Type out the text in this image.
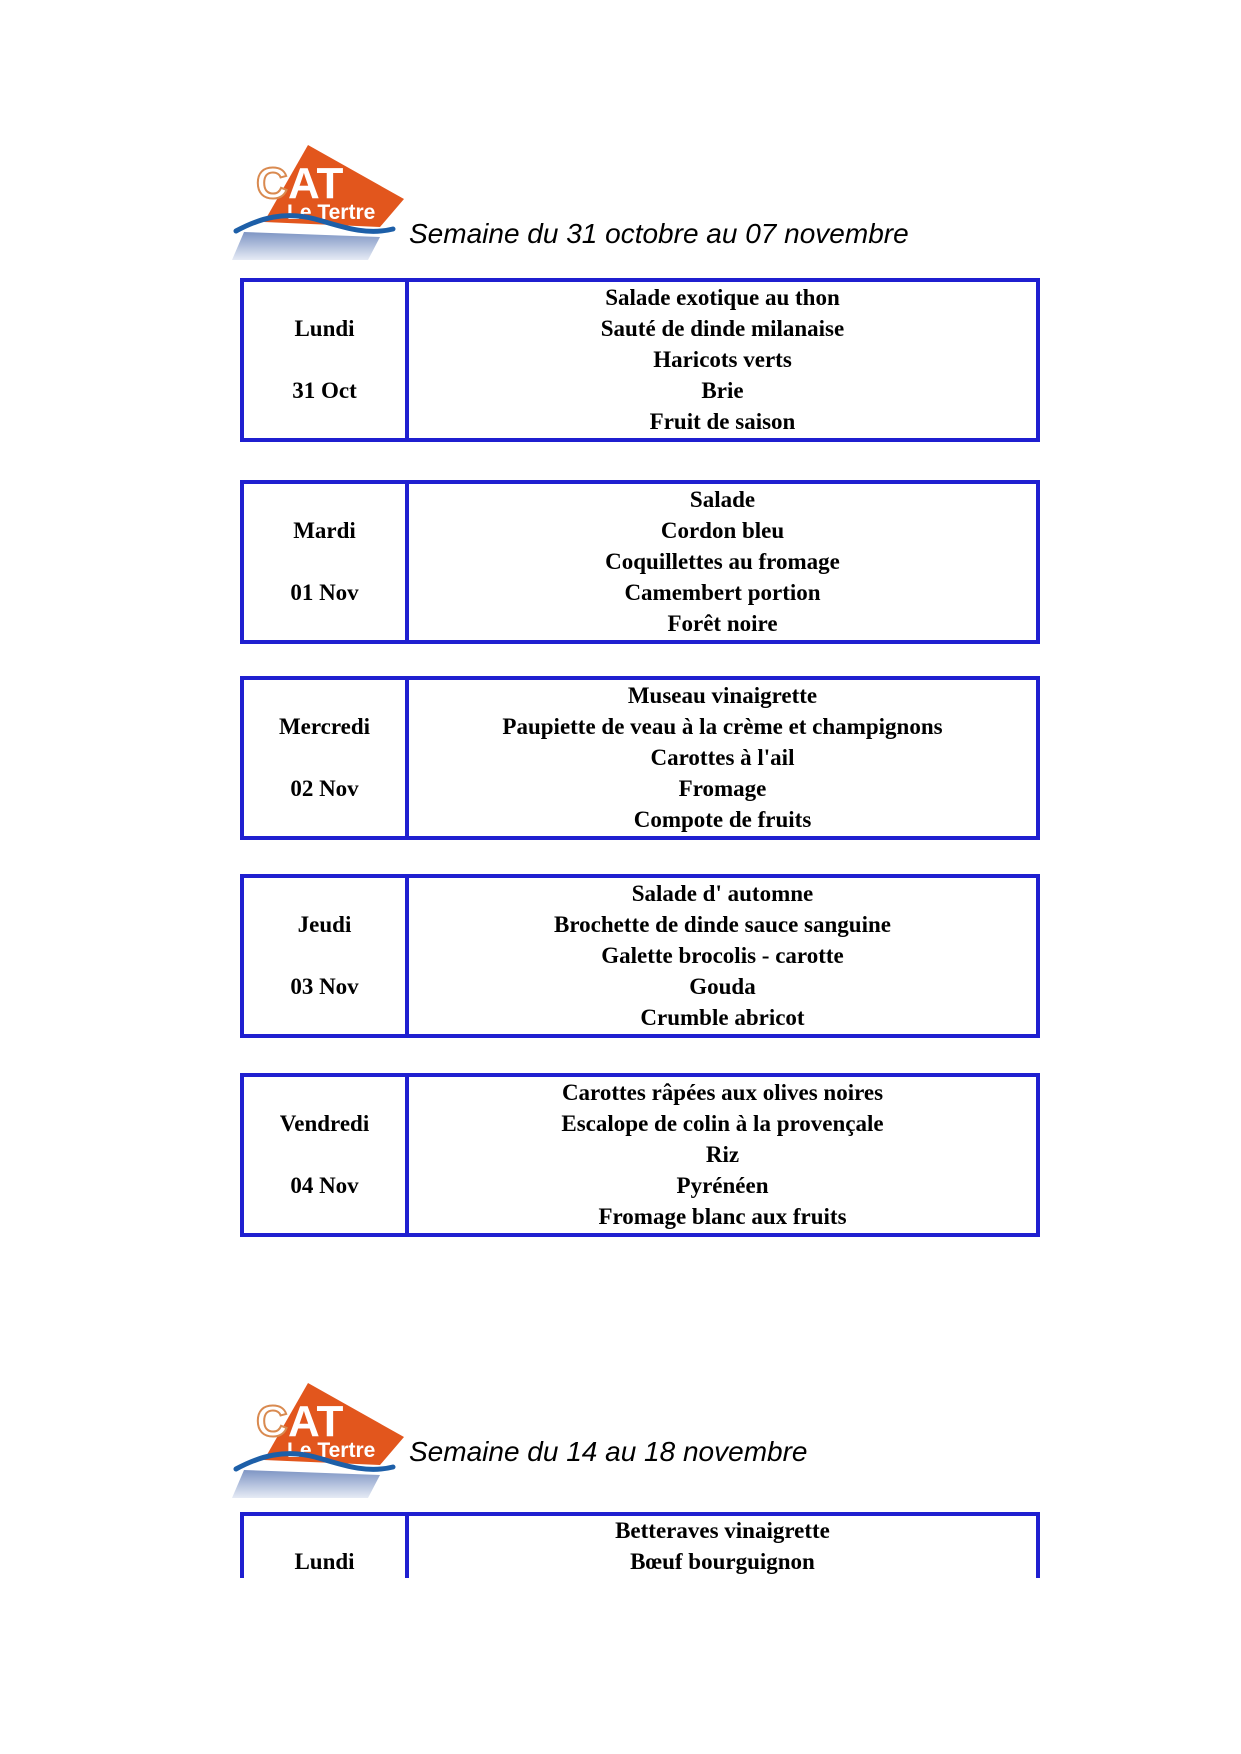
C AT
Le Tertre
Semaine du 31 octobre au 07 novembre
Lundi
31 Oct
Salade exotique au thon
Sauté de dinde milanaise
Haricots verts
Brie
Fruit de saison
Mardi
01 Nov
Salade
Cordon bleu
Coquillettes au fromage
Camembert portion
Forêt noire
Mercredi
02 Nov
Museau vinaigrette
Paupiette de veau à la crème et champignons
Carottes à l'ail
Fromage
Compote de fruits
Jeudi
03 Nov
Salade d' automne
Brochette de dinde sauce sanguine
Galette brocolis - carotte
Gouda
Crumble abricot
Vendredi
04 Nov
Carottes râpées aux olives noires
Escalope de colin à la provençale
Riz
Pyrénéen
Fromage blanc aux fruits
C AT
Le Tertre Semaine du 14 au 18 novembre
Lundi
Betteraves vinaigrette
Bœuf bourguignon
